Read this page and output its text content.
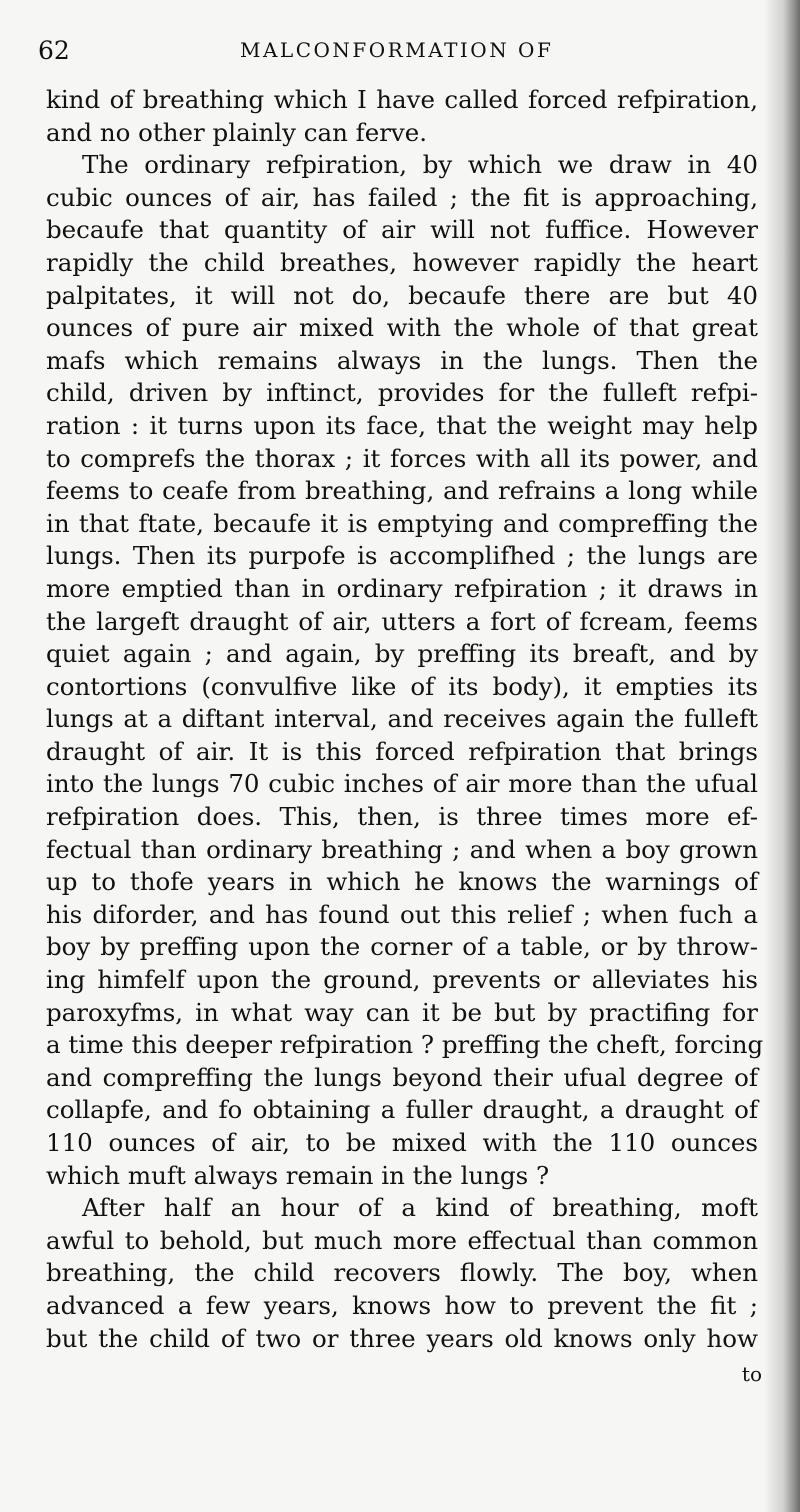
62	MALCONFORMATION OF
kind of breathing which I have called forced refpiration,
and no other plainly can ferve.
The ordinary refpiration, by which we draw in 40
cubic ounces of air, has failed ; the fit is approaching,
becaufe that quantity of air will not fuffice. However
rapidly the child breathes, however rapidly the heart
palpitates, it will not do, becaufe there are but 40
ounces of pure air mixed with the whole of that great
mafs which remains always in the lungs. Then the
child, driven by inftinct, provides for the fulleft refpi-
ration : it turns upon its face, that the weight may help
to comprefs the thorax ; it forces with all its power, and
feems to ceafe from breathing, and refrains a long while
in that ftate, becaufe it is emptying and compreffing the
lungs. Then its purpofe is accomplifhed ; the lungs are
more emptied than in ordinary refpiration ; it draws in
the largeft draught of air, utters a fort of fcream, feems
quiet again ; and again, by preffing its breaft, and by
contortions (convulfive like of its body), it empties its
lungs at a diftant interval, and receives again the fulleft
draught of air. It is this forced refpiration that brings
into the lungs 70 cubic inches of air more than the ufual
refpiration does. This, then, is three times more ef-
fectual than ordinary breathing ; and when a boy grown
up to thofe years in which he knows the warnings of
his diforder, and has found out this relief ; when fuch a
boy by preffing upon the corner of a table, or by throw-
ing himfelf upon the ground, prevents or alleviates his
paroxyfms, in what way can it be but by practifing for
a time this deeper refpiration ? preffing the cheft, forcing
and compreffing the lungs beyond their ufual degree of
collapfe, and fo obtaining a fuller draught, a draught of
110 ounces of air, to be mixed with the 110 ounces
which muft always remain in the lungs ?
After half an hour of a kind of breathing, moft
awful to behold, but much more effectual than common
breathing, the child recovers flowly. The boy, when
advanced a few years, knows how to prevent the fit ;
but the child of two or three years old knows only how
to
